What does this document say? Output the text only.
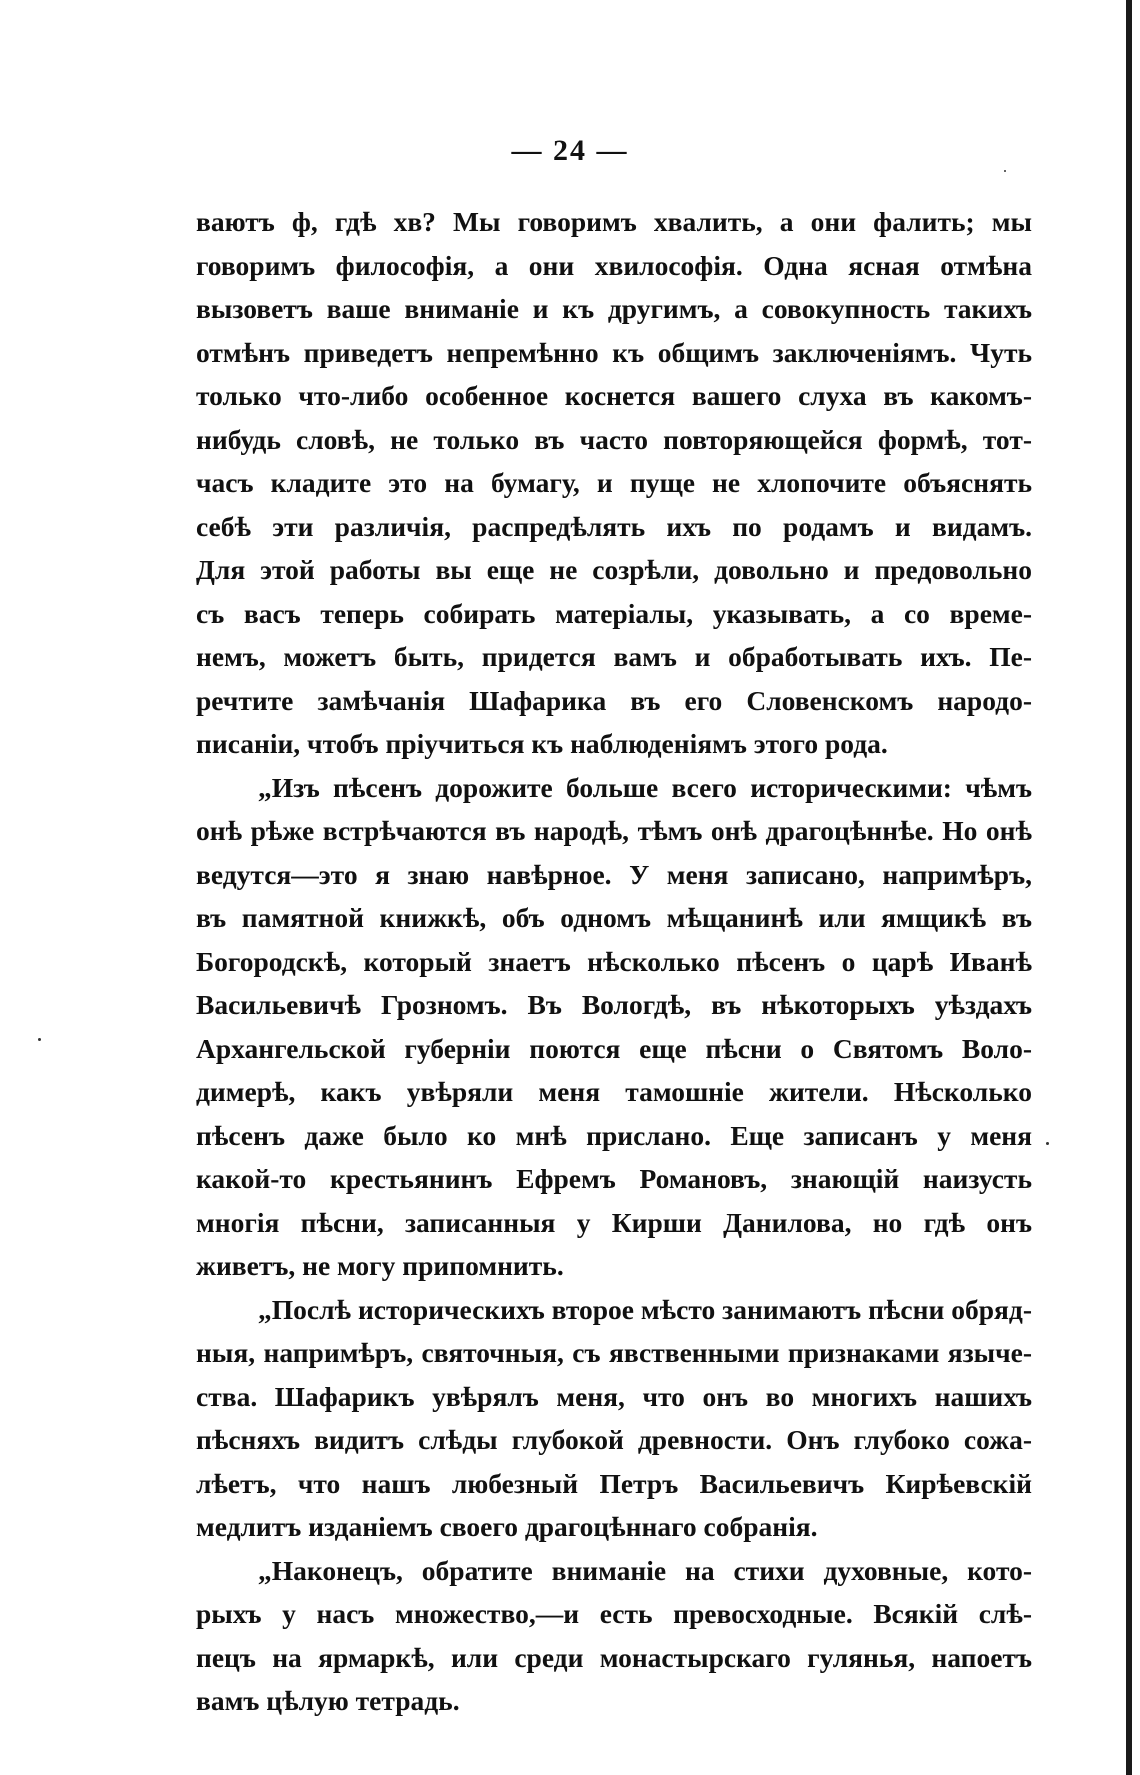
— 24 —
ваютъ ф, гдѣ хв? Мы говоримъ хвалить, а они фалить; мы
говоримъ философія, а они хвилософія. Одна ясная отмѣна
вызоветъ ваше вниманіе и къ другимъ, а совокупность такихъ
отмѣнъ приведетъ непремѣнно къ общимъ заключеніямъ. Чуть
только что-либо особенное коснется вашего слуха въ какомъ-
нибудь словѣ, не только въ часто повторяющейся формѣ, тот-
часъ кладите это на бумагу, и пуще не хлопочите объяснять
себѣ эти различія, распредѣлять ихъ по родамъ и видамъ.
Для этой работы вы еще не созрѣли, довольно и предовольно
съ васъ теперь собирать матеріалы, указывать, а со време-
немъ, можетъ быть, придется вамъ и обработывать ихъ. Пе-
речтите замѣчанія Шафарика въ его Словенскомъ народо-
писаніи, чтобъ пріучиться къ наблюденіямъ этого рода.
„Изъ пѣсенъ дорожите больше всего историческими: чѣмъ
онѣ рѣже встрѣчаются въ народѣ, тѣмъ онѣ драгоцѣннѣе. Но онѣ
ведутся—это я знаю навѣрное. У меня записано, напримѣръ,
въ памятной книжкѣ, объ одномъ мѣщанинѣ или ямщикѣ въ
Богородскѣ, который знаетъ нѣсколько пѣсенъ о царѣ Иванѣ
Васильевичѣ Грозномъ. Въ Вологдѣ, въ нѣкоторыхъ уѣздахъ
Архангельской губерніи поются еще пѣсни о Святомъ Воло-
димерѣ, какъ увѣряли меня тамошніе жители. Нѣсколько
пѣсенъ даже было ко мнѣ прислано. Еще записанъ у меня
какой-то крестьянинъ Ефремъ Романовъ, знающій наизусть
многія пѣсни, записанныя у Кирши Данилова, но гдѣ онъ
живетъ, не могу припомнить.
„Послѣ историческихъ второе мѣсто занимаютъ пѣсни обряд-
ныя, напримѣръ, святочныя, съ явственными признаками языче-
ства. Шафарикъ увѣрялъ меня, что онъ во многихъ нашихъ
пѣсняхъ видитъ слѣды глубокой древности. Онъ глубоко сожа-
лѣетъ, что нашъ любезный Петръ Васильевичъ Кирѣевскій
медлитъ изданіемъ своего драгоцѣннаго собранія.
„Наконецъ, обратите вниманіе на стихи духовные, кото-
рыхъ у насъ множество,—и есть превосходные. Всякій слѣ-
пецъ на ярмаркѣ, или среди монастырскаго гулянья, напоетъ
вамъ цѣлую тетрадь.
